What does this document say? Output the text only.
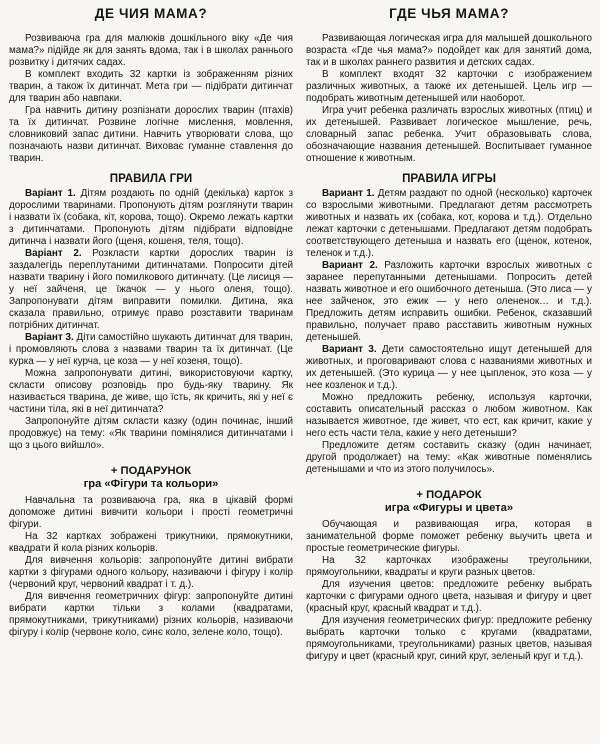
ДЕ ЧИЯ МАМА?

Розвиваюча гра для малюків дошкільного віку «Де чия мама?» підійде як для занять вдома, так і в школах раннього розвитку і дитячих садах.

В комплект входить 32 картки із зображенням різних тварин, а також їх дитинчат. Мета гри — підібрати дитинчат для тварин або навпаки.

Гра навчить дитину розпізнати дорослих тварин (птахів) та їх дитинчат. Розвине логічне мислення, мовлення, словниковий запас дитини. Навчить утворювати слова, що позначають назви дитинчат. Виховає гуманне ставлення до тварин.

ПРАВИЛА ГРИ

Варіант 1. Дітям роздають по одній (декілька) карток з дорослими тваринами. Пропонують дітям розглянути тварин і назвати їх (собака, кіт, корова, тощо). Окремо лежать картки з дитинчатами. Пропонують дітям підібрати відповідне дитинча і назвати його (щеня, кошеня, теля, тощо).

Варіант 2. Розкласти картки дорослих тварин із заздалегідь переплутаними дитинчатами. Попросити дітей назвати тварину і його помилкового дитинчату. (Це лисиця — у неї зайченя, це їжачок — у нього оленя, тощо). Запропонувати дітям виправити помилки. Дитина, яка сказала правильно, отримує право розставити тваринам потрібних дитинчат.

Варіант 3. Діти самостійно шукають дитинчат для тварин, і промовляють слова з назвами тварин та їх дитинчат. (Це курка — у неї курча, це коза — у неї козеня, тощо).

Можна запропонувати дитині, використовуючи картку, скласти описову розповідь про будь-яку тварину. Як називається тварина, де живе, що їсть, як кричить, які у неї є частини тіла, які в неї дитинчата?

Запропонуйте дітям скласти казку (один починає, інший продовжує) на тему: «Як тварини помінялися дитинчатами і що з цього вийшло».

+ ПОДАРУНОК
гра «Фігури та кольори»

Навчальна та розвиваюча гра, яка в цікавій формі допоможе дитині вивчити кольори і прості геометричні фігури.

На 32 картках зображені трикутники, прямокутники, квадрати й кола різних кольорів.

Для вивчення кольорів: запропонуйте дитині вибрати картки з фігурами одного кольору, називаючи і фігуру і колір (червоний круг, червоний квадрат і т. д.).

Для вивчення геометричних фігур: запропонуйте дитині вибрати картки тільки з колами (квадратами, прямокутниками, трикутниками) різних кольорів, називаючи фігуру і колір (червоне коло, синє коло, зелене коло, тощо).

ГДЕ ЧЬЯ МАМА?

Развивающая логическая игра для малышей дошкольного возраста «Где чья мама?» подойдет как для занятий дома, так и в школах раннего развития и детских садах.

В комплект входят 32 карточки с изображением различных животных, а также их детенышей. Цель игр — подобрать животным детенышей или наоборот.

Игра учит ребенка различать взрослых животных (птиц) и их детенышей. Развивает логическое мышление, речь, словарный запас ребенка. Учит образовывать слова, обозначающие названия детенышей. Воспитывает гуманное отношение к животным.

ПРАВИЛА ИГРЫ

Вариант 1. Детям раздают по одной (несколько) карточек со взрослыми животными. Предлагают детям рассмотреть животных и назвать их (собака, кот, корова и т.д.). Отдельно лежат карточки с детенышами. Предлагают детям подобрать соответствующего детеныша и назвать его (щенок, котенок, теленок и т.д.).

Вариант 2. Разложить карточки взрослых животных с заранее перепутанными детенышами. Попросить детей назвать животное и его ошибочного детеныша. (Это лиса — у нее зайченок, это ежик — у него олененок… и т.д.). Предложить детям исправить ошибки. Ребенок, сказавший правильно, получает право расставить животным нужных детенышей.

Вариант 3. Дети самостоятельно ищут детенышей для животных, и проговаривают слова с названиями животных и их детенышей. (Это курица — у нее цыпленок, это коза — у нее козленок и т.д.).

Можно предложить ребенку, используя карточки, составить описательный рассказ о любом животном. Как называется животное, где живет, что ест, как кричит, какие у него есть части тела, какие у него детеныши?

Предложите детям составить сказку (один начинает, другой продолжает) на тему: «Как животные поменялись детенышами и что из этого получилось».

+ ПОДАРОК
игра «Фигуры и цвета»

Обучающая и развивающая игра, которая в занимательной форме поможет ребенку выучить цвета и простые геометрические фигуры.

На 32 карточках изображены треугольники, прямоугольники, квадраты и круги разных цветов.

Для изучения цветов: предложите ребенку выбрать карточки с фигурами одного цвета, называя и фигуру и цвет (красный круг, красный квадрат и т.д.).

Для изучения геометрических фигур: предложите ребенку выбрать карточки только с кругами (квадратами, прямоугольниками, треугольниками) разных цветов, называя фигуру и цвет (красный круг, синий круг, зеленый круг и т.д.).
